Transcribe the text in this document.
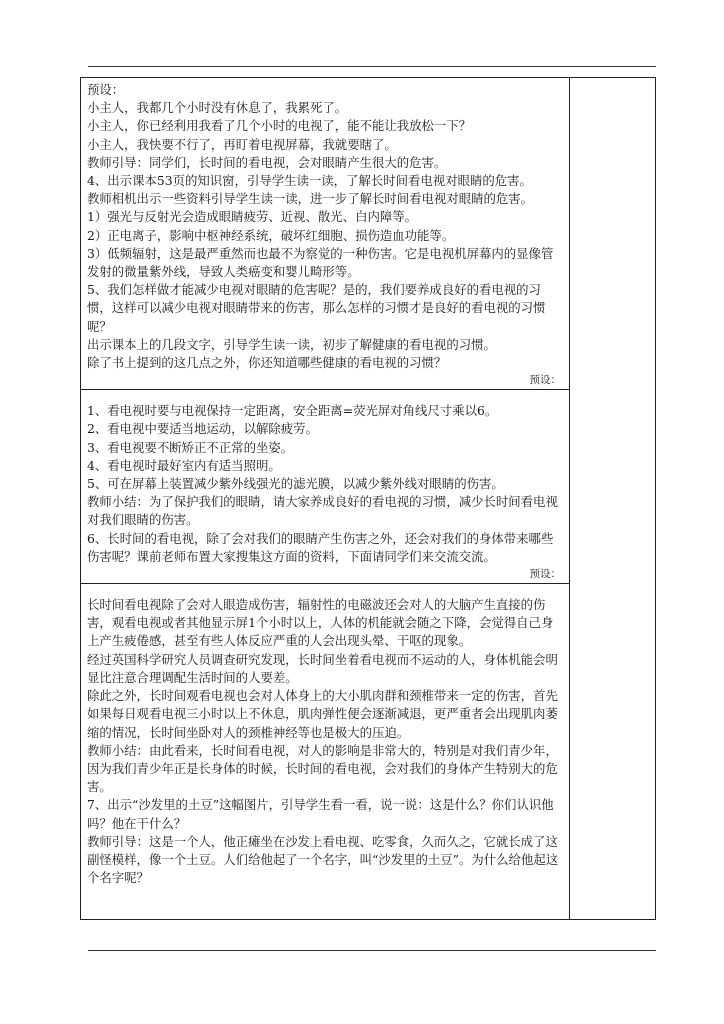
预设：

小主人，我都几个小时没有休息了，我累死了。

小主人，你已经利用我看了几个小时的电视了，能不能让我放松一下？

小主人，我快要不行了，再盯着电视屏幕，我就要瞎了。

教师引导：同学们，长时间的看电视，会对眼睛产生很大的危害。

4、出示课本53页的知识窗，引导学生读一读，了解长时间看电视对眼睛的危害。

教师相机出示一些资料引导学生读一读，进一步了解长时间看电视对眼睛的危害。

1）强光与反射光会造成眼睛疲劳、近视、散光、白内障等。

2）正电离子，影响中枢神经系统，破坏红细胞、损伤造血功能等。

3）低频辐射，这是最严重然而也最不为察觉的一种伤害。它是电视机屏幕内的显像管发射的微量紫外线，导致人类癌变和婴儿畸形等。

5、我们怎样做才能减少电视对眼睛的危害呢？是的，我们要养成良好的看电视的习惯，这样可以减少电视对眼睛带来的伤害，那么怎样的习惯才是良好的看电视的习惯呢？

出示课本上的几段文字，引导学生读一读，初步了解健康的看电视的习惯。

除了书上提到的这几点之外，你还知道哪些健康的看电视的习惯？

预设：

1、看电视时要与电视保持一定距离，安全距离=荧光屏对角线尺寸乘以6。

2、看电视中要适当地运动，以解除疲劳。

3、看电视要不断矫正不正常的坐姿。

4、看电视时最好室内有适当照明。

5、可在屏幕上装置减少紫外线强光的滤光膜，以减少紫外线对眼睛的伤害。

教师小结：为了保护我们的眼睛，请大家养成良好的看电视的习惯，减少长时间看电视对我们眼睛的伤害。

6、长时间的看电视，除了会对我们的眼睛产生伤害之外，还会对我们的身体带来哪些伤害呢？课前老师布置大家搜集这方面的资料，下面请同学们来交流交流。

预设：

长时间看电视除了会对人眼造成伤害，辐射性的电磁波还会对人的大脑产生直接的伤害，观看电视或者其他显示屏1个小时以上，人体的机能就会随之下降，会觉得自己身上产生疲倦感，甚至有些人体反应严重的人会出现头晕、干呕的现象。

经过英国科学研究人员调查研究发现，长时间坐着看电视而不运动的人，身体机能会明显比注意合理调配生活时间的人要差。

除此之外，长时间观看电视也会对人体身上的大小肌肉群和颈椎带来一定的伤害，首先如果每日观看电视三小时以上不休息，肌肉弹性便会逐渐减退，更严重者会出现肌肉萎缩的情况，长时间坐卧对人的颈椎神经等也是极大的压迫。

教师小结：由此看来，长时间看电视，对人的影响是非常大的，特别是对我们青少年，因为我们青少年正是长身体的时候，长时间的看电视，会对我们的身体产生特别大的危害。

7、出示“沙发里的土豆”这幅图片，引导学生看一看，说一说：这是什么？你们认识他吗？他在干什么？

教师引导：这是一个人，他正瘫坐在沙发上看电视、吃零食，久而久之，它就长成了这副怪模样，像一个土豆。人们给他起了一个名字，叫“沙发里的土豆”。为什么给他起这个名字呢？
